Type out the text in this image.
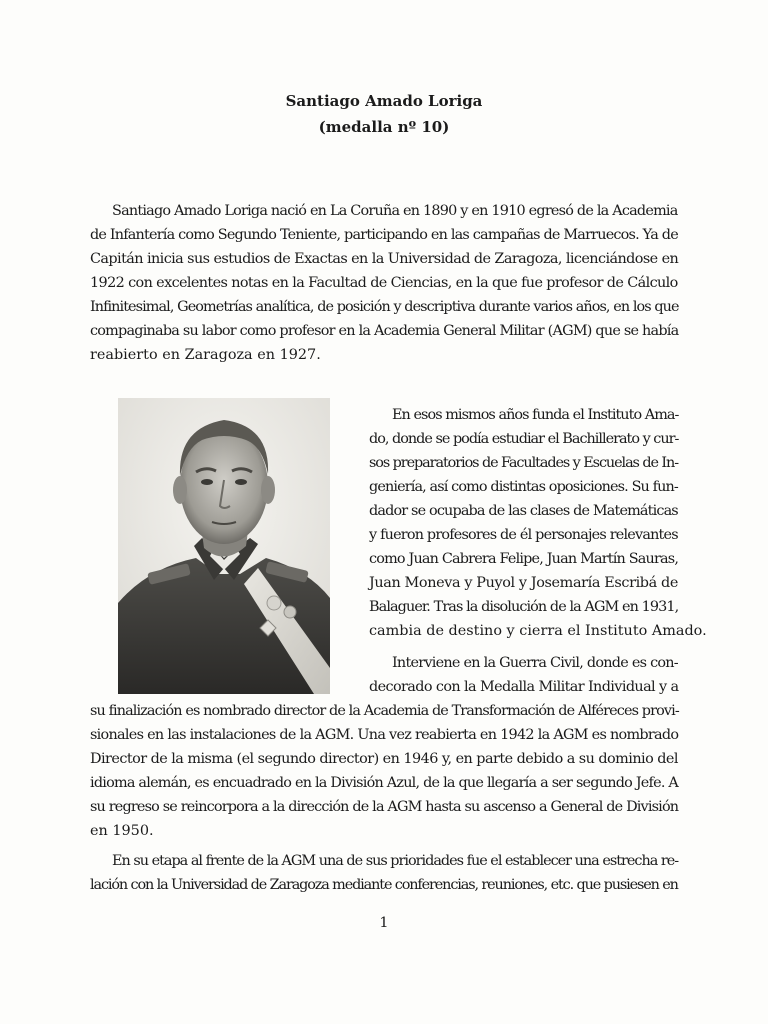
Santiago Amado Loriga
(medalla nº 10)
Santiago Amado Loriga nació en La Coruña en 1890 y en 1910 egresó de la Academia
de Infantería como Segundo Teniente, participando en las campañas de Marruecos. Ya de
Capitán inicia sus estudios de Exactas en la Universidad de Zaragoza, licenciándose en
1922 con excelentes notas en la Facultad de Ciencias, en la que fue profesor de Cálculo
Infinitesimal, Geometrías analítica, de posición y descriptiva durante varios años, en los que
compaginaba su labor como profesor en la Academia General Militar (AGM) que se había
reabierto en Zaragoza en 1927.
En esos mismos años funda el Instituto Ama-
do, donde se podía estudiar el Bachillerato y cur-
sos preparatorios de Facultades y Escuelas de In-
geniería, así como distintas oposiciones. Su fun-
dador se ocupaba de las clases de Matemáticas
y fueron profesores de él personajes relevantes
como Juan Cabrera Felipe, Juan Martín Sauras,
Juan Moneva y Puyol y Josemaría Escribá de
Balaguer. Tras la disolución de la AGM en 1931,
cambia de destino y cierra el Instituto Amado.
Interviene en la Guerra Civil, donde es con-
decorado con la Medalla Militar Individual y a
su finalización es nombrado director de la Academia de Transformación de Alféreces provi-
sionales en las instalaciones de la AGM. Una vez reabierta en 1942 la AGM es nombrado
Director de la misma (el segundo director) en 1946 y, en parte debido a su dominio del
idioma alemán, es encuadrado en la División Azul, de la que llegaría a ser segundo Jefe. A
su regreso se reincorpora a la dirección de la AGM hasta su ascenso a General de División
en 1950.
En su etapa al frente de la AGM una de sus prioridades fue el establecer una estrecha re-
lación con la Universidad de Zaragoza mediante conferencias, reuniones, etc. que pusiesen en
1
